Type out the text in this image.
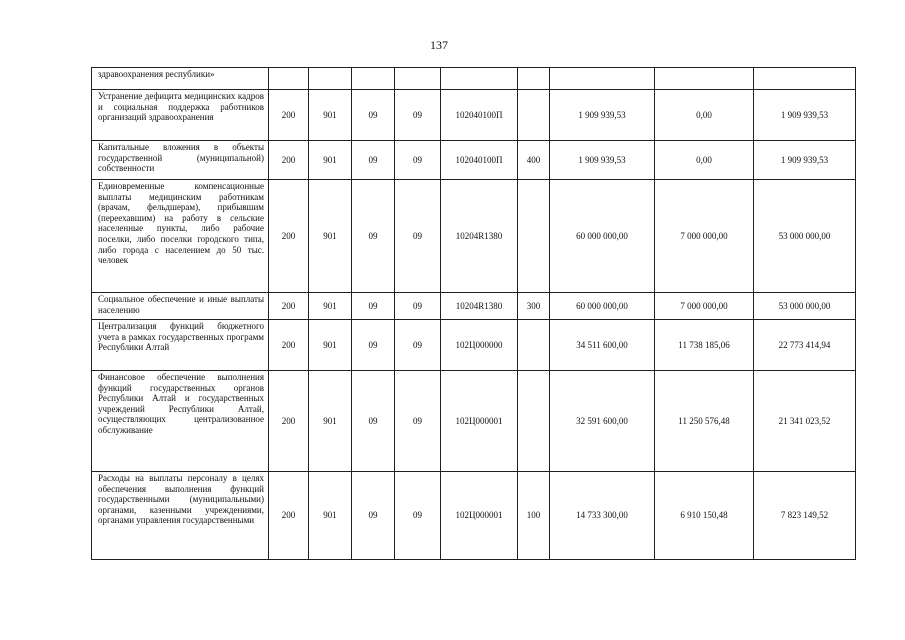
137
здравоохранения республики»									
Устранение дефицита медицинских кадров и социальная поддержка работников организаций здравоохранения	200	901	09	09	102040100П		1 909 939,53	0,00	1 909 939,53
Капитальные вложения в объекты государственной (муниципальной) собственности	200	901	09	09	102040100П	400	1 909 939,53	0,00	1 909 939,53
Единовременные компенсационные выплаты медицинским работникам (врачам, фельдшерам), прибывшим (переехавшим) на работу в сельские населенные пункты, либо рабочие поселки, либо поселки городского типа, либо города с населением до 50 тыс. человек	200	901	09	09	10204R1380		60 000 000,00	7 000 000,00	53 000 000,00
Социальное обеспечение и иные выплаты населению	200	901	09	09	10204R1380	300	60 000 000,00	7 000 000,00	53 000 000,00
Централизация функций бюджетного учета в рамках государственных программ Республики Алтай	200	901	09	09	102Ц000000		34 511 600,00	11 738 185,06	22 773 414,94
Финансовое обеспечение выполнения функций государственных органов Республики Алтай и государственных учреждений Республики Алтай, осуществляющих централизованное обслуживание	200	901	09	09	102Ц000001		32 591 600,00	11 250 576,48	21 341 023,52
Расходы на выплаты персоналу в целях обеспечения выполнения функций государственными (муниципальными) органами, казенными учреждениями, органами управления государственными	200	901	09	09	102Ц000001	100	14 733 300,00	6 910 150,48	7 823 149,52
